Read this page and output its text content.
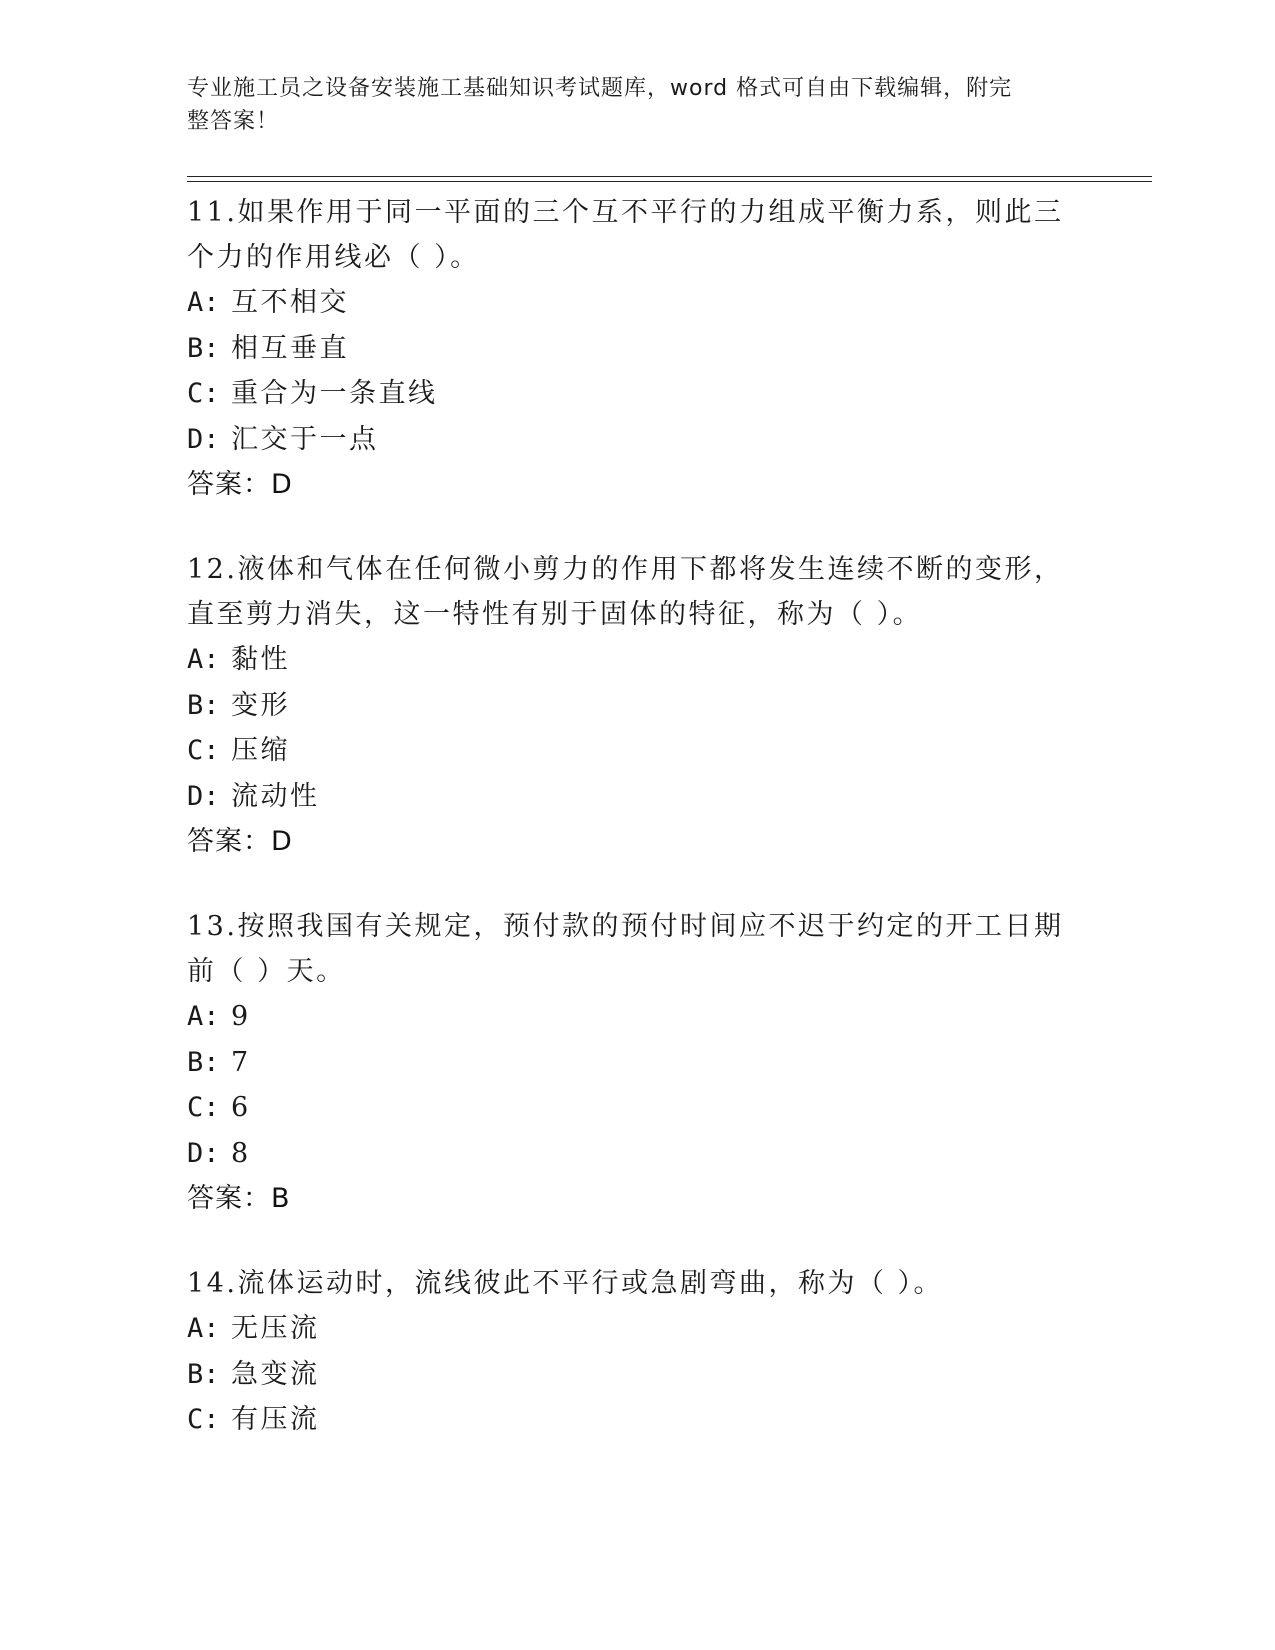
专业施工员之设备安装施工基础知识考试题库，word 格式可自由下载编辑，附完
整答案！
11.如果作用于同一平面的三个互不平行的力组成平衡力系，则此三个力的作用线必（ ）。
A: 互不相交
B: 相互垂直
C: 重合为一条直线
D: 汇交于一点
答案：D
12.液体和气体在任何微小剪力的作用下都将发生连续不断的变形，直至剪力消失，这一特性有别于固体的特征，称为（ ）。
A: 黏性
B: 变形
C: 压缩
D: 流动性
答案：D
13.按照我国有关规定，预付款的预付时间应不迟于约定的开工日期前（ ）天。
A: 9
B: 7
C: 6
D: 8
答案：B
14.流体运动时，流线彼此不平行或急剧弯曲，称为（ ）。
A: 无压流
B: 急变流
C: 有压流
